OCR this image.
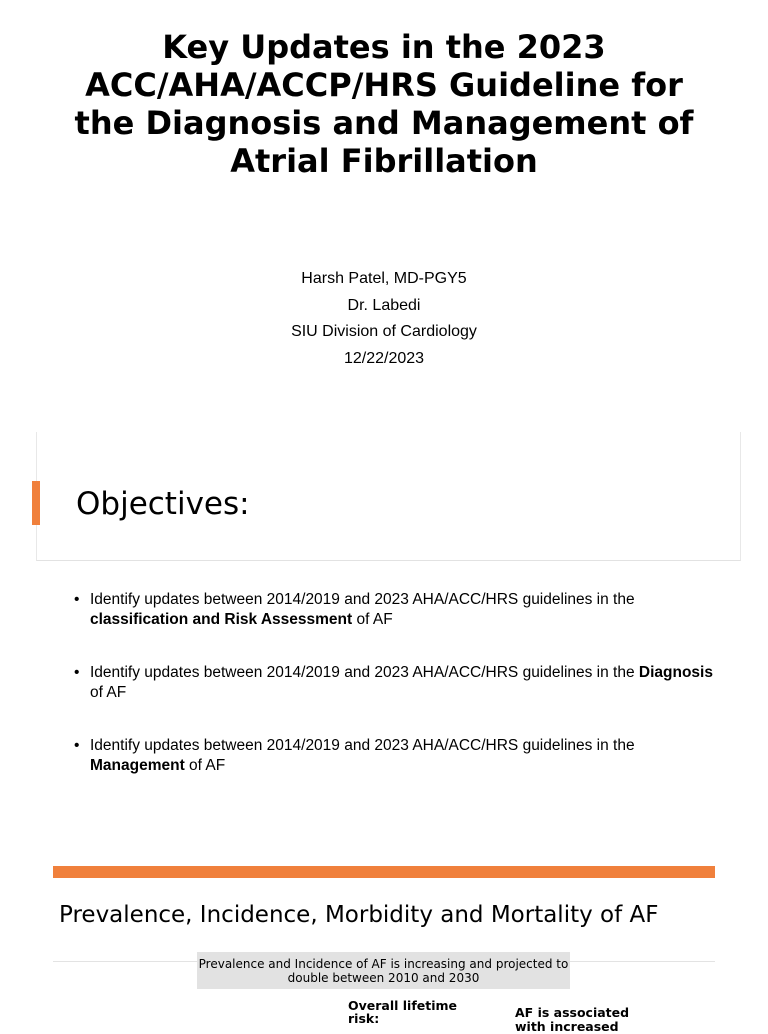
Key Updates in the 2023 ACC/AHA/ACCP/HRS Guideline for the Diagnosis and Management of Atrial Fibrillation
Harsh Patel, MD-PGY5
Dr. Labedi
SIU Division of Cardiology
12/22/2023
Objectives:
• Identify updates between 2014/2019 and 2023 AHA/ACC/HRS guidelines in the classification and Risk Assessment of AF
• Identify updates between 2014/2019 and 2023 AHA/ACC/HRS guidelines in the Diagnosis of AF
• Identify updates between 2014/2019 and 2023 AHA/ACC/HRS guidelines in the Management of AF
Prevalence, Incidence, Morbidity and Mortality of AF
Prevalence and Incidence of AF is increasing and projected to double between 2010 and 2030
Overall lifetime risk:	AF is associated with increased
